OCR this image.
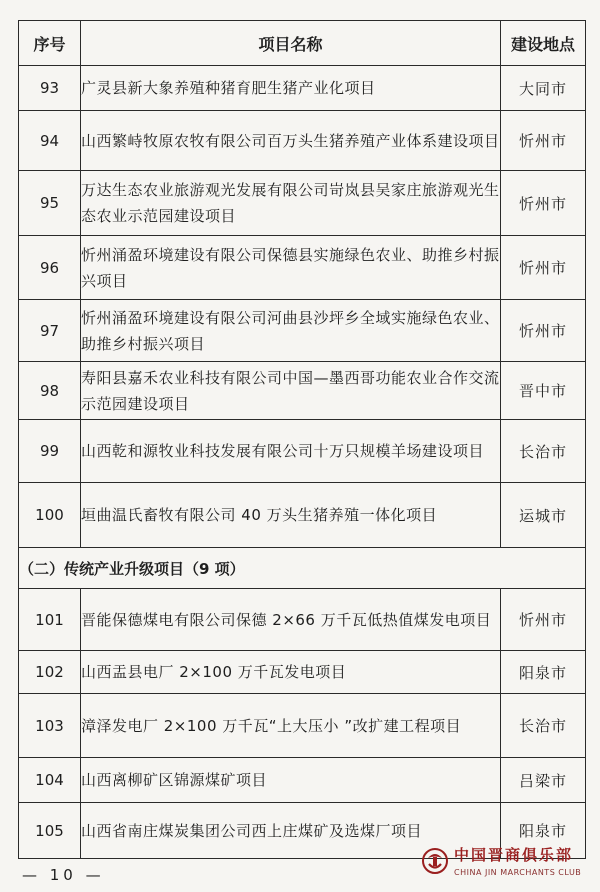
序号	项目名称	建设地点
93	广灵县新大象养殖种猪育肥生猪产业化项目	大同市
94	山西繁峙牧原农牧有限公司百万头生猪养殖产业体系建设项目	忻州市
95	万达生态农业旅游观光发展有限公司岢岚县吴家庄旅游观光生态农业示范园建设项目	忻州市
96	忻州涌盈环境建设有限公司保德县实施绿色农业、助推乡村振兴项目	忻州市
97	忻州涌盈环境建设有限公司河曲县沙坪乡全域实施绿色农业、助推乡村振兴项目	忻州市
98	寿阳县嘉禾农业科技有限公司中国—墨西哥功能农业合作交流示范园建设项目	晋中市
99	山西乾和源牧业科技发展有限公司十万只规模羊场建设项目	长治市
100	垣曲温氏畜牧有限公司 40 万头生猪养殖一体化项目	运城市
（二）传统产业升级项目（9 项）		
101	晋能保德煤电有限公司保德 2×66 万千瓦低热值煤发电项目	忻州市
102	山西盂县电厂 2×100 万千瓦发电项目	阳泉市
103	漳泽发电厂 2×100 万千瓦“上大压小 ”改扩建工程项目	长治市
104	山西离柳矿区锦源煤矿项目	吕梁市
105	山西省南庄煤炭集团公司西上庄煤矿及选煤厂项目	阳泉市
— 10 —
中国晋商俱乐部
CHINA JIN MARCHANTS CLUB
